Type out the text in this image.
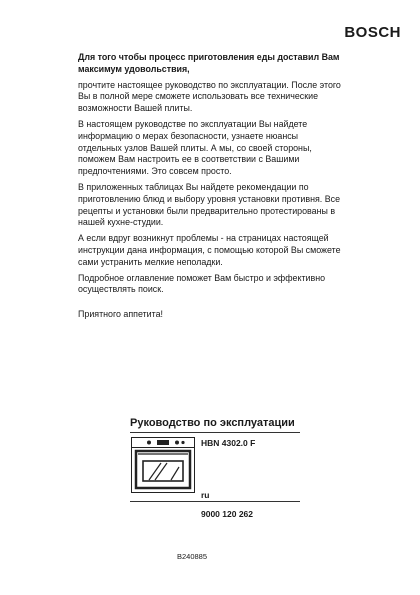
BOSCH

Для того чтобы процесс приготовления еды доставил Вам максимум удовольствия,

прочтите настоящее руководство по эксплуатации. После этого Вы в полной мере сможете использовать все технические возможности Вашей плиты.

В настоящем руководстве по эксплуатации Вы найдете информацию о мерах безопасности, узнаете нюансы отдельных узлов Вашей плиты. А мы, со своей стороны, поможем Вам настроить ее в соответствии с Вашими предпочтениями. Это совсем просто.

В приложенных таблицах Вы найдете рекомендации по приготовлению блюд и выбору уровня установки противня. Все рецепты и установки были предварительно протестированы в нашей кухне-студии.

А если вдруг возникнут проблемы - на страницах настоящей инструкции дана информация, с помощью которой Вы сможете сами устранить мелкие неполадки.

Подробное оглавление поможет Вам быстро и эффективно осуществлять поиск.

Приятного аппетита!

Руководство по эксплуатации
HBN 4302.0 F
ru
9000 120 262
B240885
